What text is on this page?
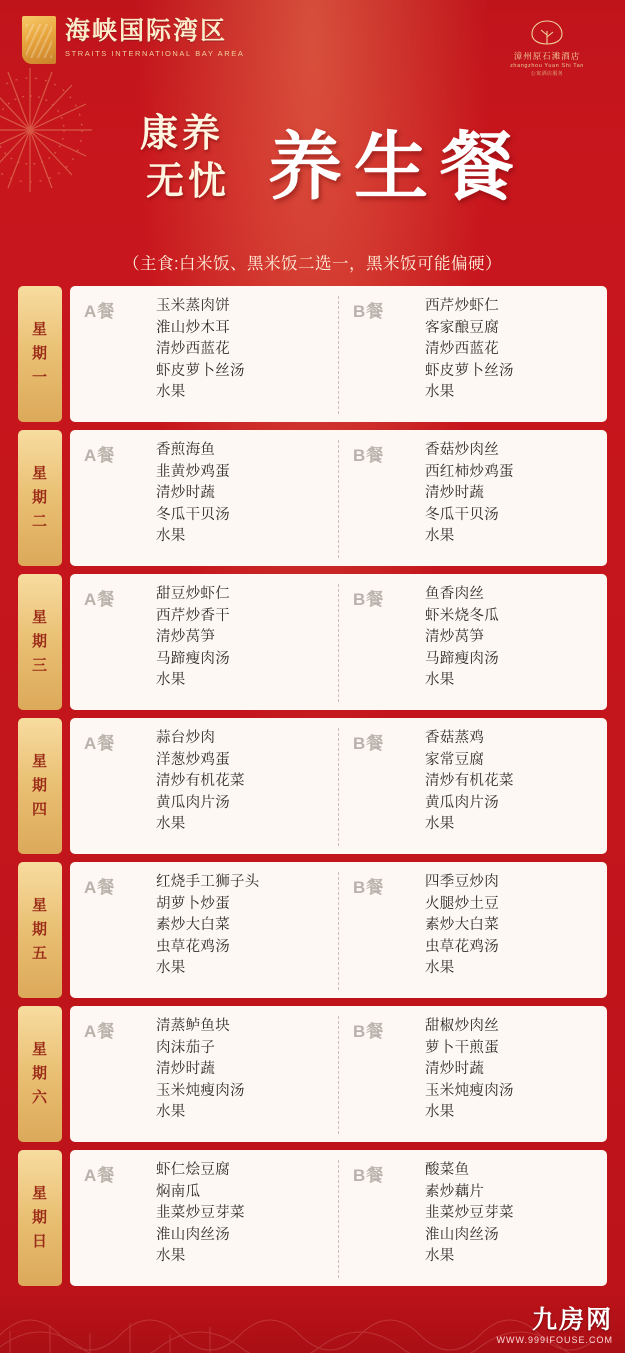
海峡国际湾区
STRAITS INTERNATIONAL BAY AREA	漳州原石滩酒店
zhangzhou Yuan Shi Tan
公寓酒店服务
康养
无忧 养生餐
（主食:白米饭、黑米饭二选一，黑米饭可能偏硬）
星
期
一
A餐	玉米蒸肉饼
淮山炒木耳
清炒西蓝花
虾皮萝卜丝汤
水果
B餐	西芹炒虾仁
客家酿豆腐
清炒西蓝花
虾皮萝卜丝汤
水果
星
期
二
A餐	香煎海鱼
韭黄炒鸡蛋
清炒时蔬
冬瓜干贝汤
水果
B餐	香菇炒肉丝
西红柿炒鸡蛋
清炒时蔬
冬瓜干贝汤
水果
星
期
三
A餐	甜豆炒虾仁
西芹炒香干
清炒莴笋
马蹄瘦肉汤
水果
B餐	鱼香肉丝
虾米烧冬瓜
清炒莴笋
马蹄瘦肉汤
水果
星
期
四
A餐	蒜台炒肉
洋葱炒鸡蛋
清炒有机花菜
黄瓜肉片汤
水果
B餐	香菇蒸鸡
家常豆腐
清炒有机花菜
黄瓜肉片汤
水果
星
期
五
A餐	红烧手工狮子头
胡萝卜炒蛋
素炒大白菜
虫草花鸡汤
水果
B餐	四季豆炒肉
火腿炒土豆
素炒大白菜
虫草花鸡汤
水果
星
期
六
A餐	清蒸鲈鱼块
肉沫茄子
清炒时蔬
玉米炖瘦肉汤
水果
B餐	甜椒炒肉丝
萝卜干煎蛋
清炒时蔬
玉米炖瘦肉汤
水果
星
期
日
A餐	虾仁烩豆腐
焖南瓜
韭菜炒豆芽菜
淮山肉丝汤
水果
B餐	酸菜鱼
素炒藕片
韭菜炒豆芽菜
淮山肉丝汤
水果
九房网
WWW.999IFOUSE.COM
